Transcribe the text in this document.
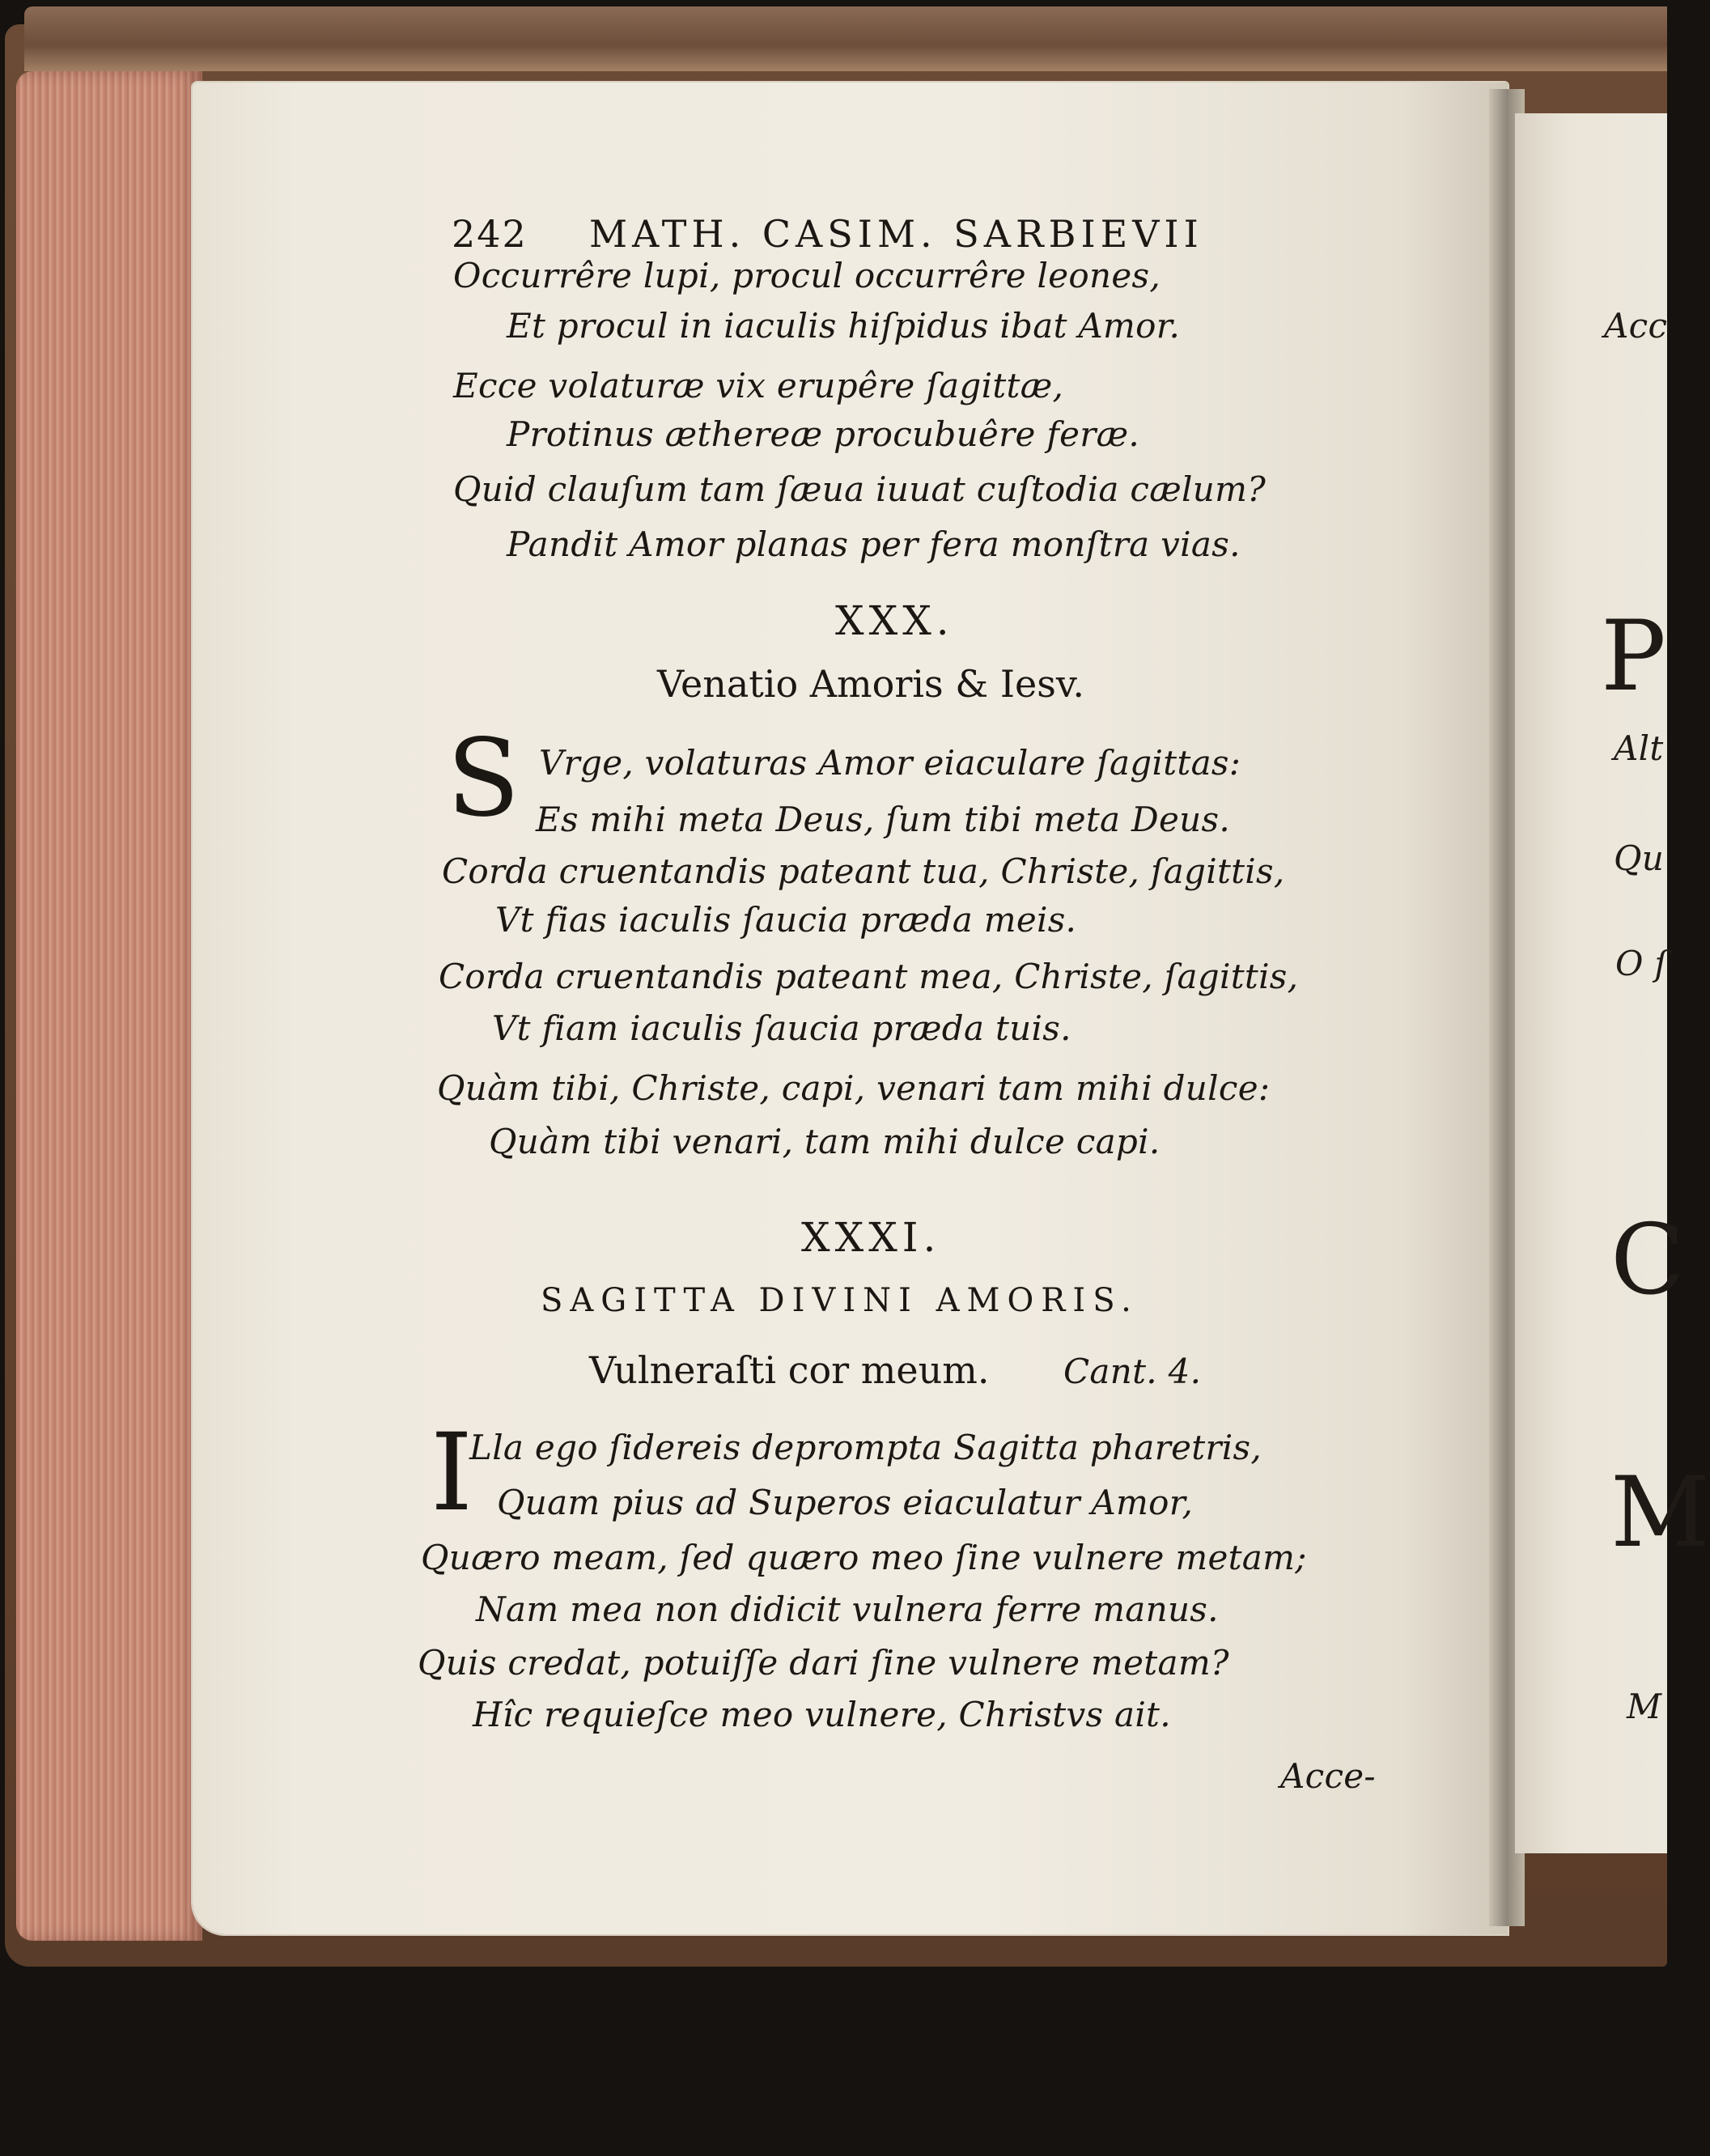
242 MATH. CASIM. SARBIEVII
Occurrêre lupi, procul occurrêre leones,
Et procul in iaculis hiſpidus ibat Amor.
Ecce volaturæ vix erupêre ſagittæ,
Protinus æthereæ procubuêre feræ.
Quid clauſum tam ſæua iuuat cuſtodia cælum?
Pandit Amor planas per fera monſtra vias.
XXX.
Venatio Amoris & Iesv.
S Vrge, volaturas Amor eiaculare ſagittas:
Es mihi meta Deus, ſum tibi meta Deus.
Corda cruentandis pateant tua, Christe, ſagittis,
Vt fias iaculis ſaucia præda meis.
Corda cruentandis pateant mea, Christe, ſagittis,
Vt fiam iaculis ſaucia præda tuis.
Quàm tibi, Christe, capi, venari tam mihi dulce:
Quàm tibi venari, tam mihi dulce capi.
XXXI.
SAGITTA DIVINI AMORIS.
Vulneraſti cor meum. Cant. 4.
I
Lla ego ſidereis deprompta Sagitta pharetris,
Quam pius ad Superos eiaculatur Amor,
Quæro meam, ſed quæro meo ſine vulnere metam;
Nam mea non didicit vulnera ferre manus.
Quis credat, potuiſſe dari ſine vulnere metam?
Hîc requieſce meo vulnere, Christvs ait.
Acce-
Acc
P
Alt
Qu
O ſ
C
M
M
